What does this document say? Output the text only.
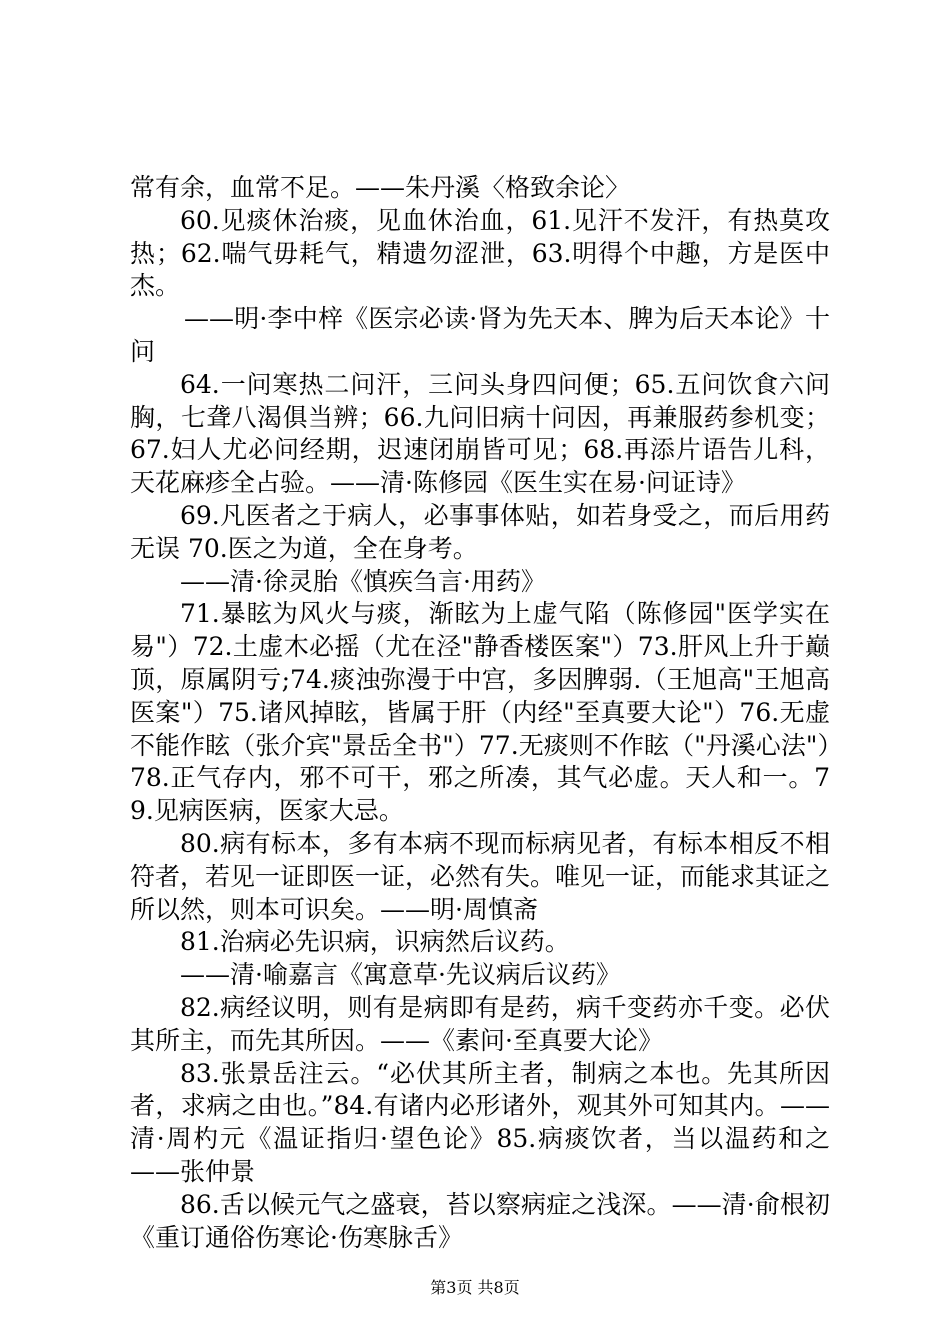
常有余，血常不足。——朱丹溪〈格致余论〉

60.见痰休治痰，见血休治血，61.见汗不发汗，有热莫攻热；62.喘气毋耗气，精遗勿涩泄，63.明得个中趣，方是医中杰。

——明·李中梓《医宗必读·肾为先天本、脾为后天本论》十问

64.一问寒热二问汗，三问头身四问便；65.五问饮食六问胸，七聋八渴俱当辨；66.九问旧病十问因，再兼服药参机变；67.妇人尤必问经期，迟速闭崩皆可见；68.再添片语告儿科，天花麻疹全占验。——清·陈修园《医生实在易·问证诗》

69.凡医者之于病人，必事事体贴，如若身受之，而后用药无误 70.医之为道，全在身考。

——清·徐灵胎《慎疾刍言·用药》

71.暴眩为风火与痰，渐眩为上虚气陷（陈修园"医学实在易"）72.土虚木必摇（尤在泾"静香楼医案"）73.肝风上升于巅顶，原属阴亏;74.痰浊弥漫于中宫，多因脾弱.（王旭高"王旭高医案"）75.诸风掉眩，皆属于肝（内经"至真要大论"）76.无虚不能作眩（张介宾"景岳全书"）77.无痰则不作眩（"丹溪心法"）78.正气存内，邪不可干，邪之所凑，其气必虚。天人和一。79.见病医病，医家大忌。

80.病有标本，多有本病不现而标病见者，有标本相反不相符者，若见一证即医一证，必然有失。唯见一证，而能求其证之所以然，则本可识矣。——明·周慎斋

81.治病必先识病，识病然后议药。

——清·喻嘉言《寓意草·先议病后议药》

82.病经议明，则有是病即有是药，病千变药亦千变。必伏其所主，而先其所因。——《素问·至真要大论》

83.张景岳注云。“必伏其所主者，制病之本也。先其所因者，求病之由也。”84.有诸内必形诸外，观其外可知其内。——清·周杓元《温证指归·望色论》85.病痰饮者，当以温药和之——张仲景

86.舌以候元气之盛衰，苔以察病症之浅深。——清·俞根初《重订通俗伤寒论·伤寒脉舌》

第3页 共8页
